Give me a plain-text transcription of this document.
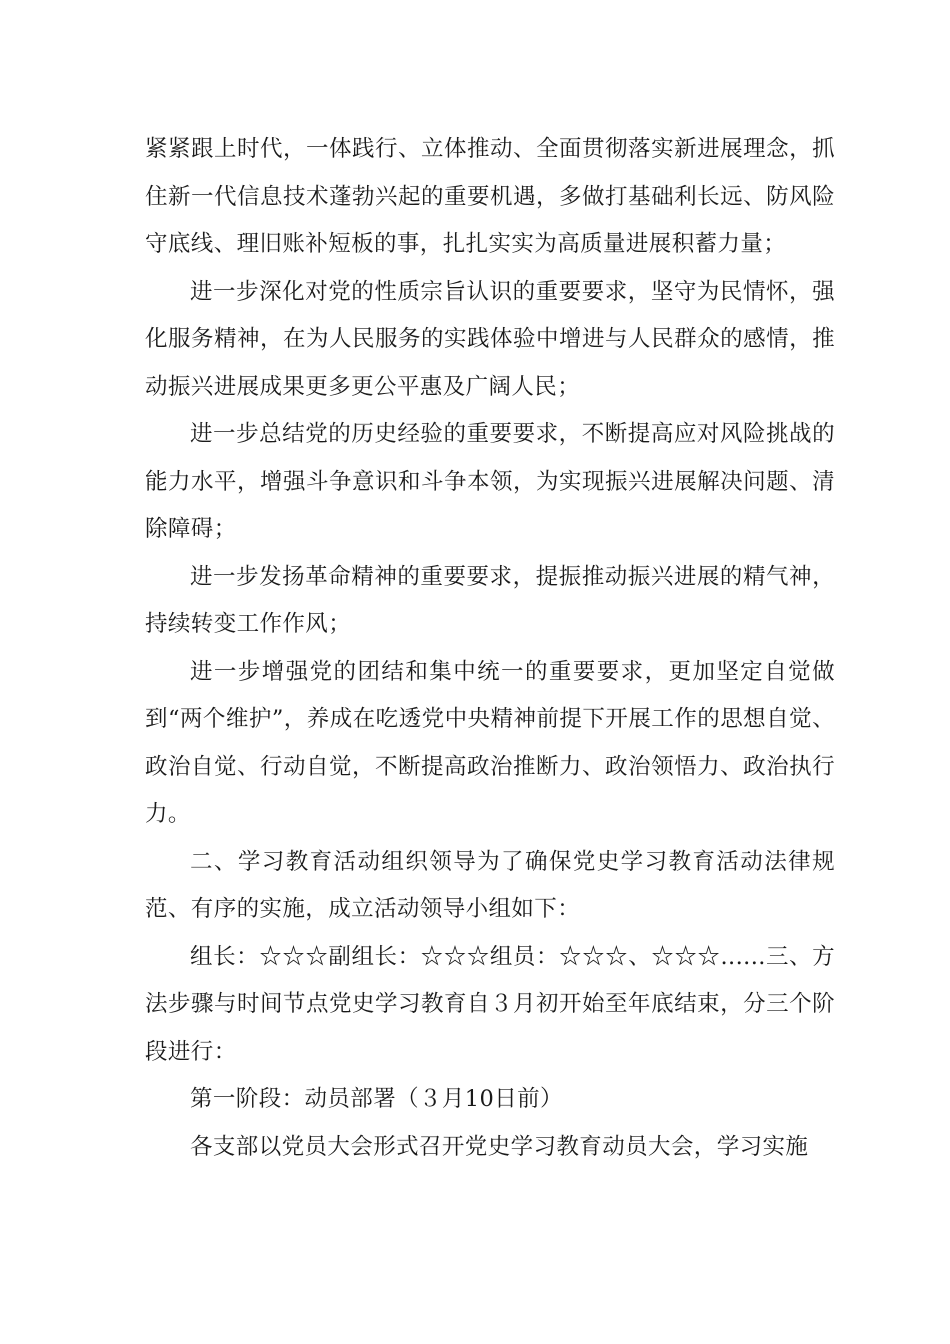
紧紧跟上时代，一体践行、立体推动、全面贯彻落实新进展理念，抓住新一代信息技术蓬勃兴起的重要机遇，多做打基础利长远、防风险守底线、理旧账补短板的事，扎扎实实为高质量进展积蓄力量；

进一步深化对党的性质宗旨认识的重要要求，坚守为民情怀，强化服务精神，在为人民服务的实践体验中增进与人民群众的感情，推动振兴进展成果更多更公平惠及广阔人民；

进一步总结党的历史经验的重要要求，不断提高应对风险挑战的能力水平，增强斗争意识和斗争本领，为实现振兴进展解决问题、清除障碍；

进一步发扬革命精神的重要要求，提振推动振兴进展的精气神，持续转变工作作风；

进一步增强党的团结和集中统一的重要要求，更加坚定自觉做到“两个维护”，养成在吃透党中央精神前提下开展工作的思想自觉、政治自觉、行动自觉，不断提高政治推断力、政治领悟力、政治执行力。

二、学习教育活动组织领导为了确保党史学习教育活动法律规范、有序的实施，成立活动领导小组如下：

组长：☆☆☆副组长：☆☆☆组员：☆☆☆、☆☆☆......三、方法步骤与时间节点党史学习教育自３月初开始至年底结束，分三个阶段进行：

第一阶段：动员部署（３月10日前）

各支部以党员大会形式召开党史学习教育动员大会，学习实施
